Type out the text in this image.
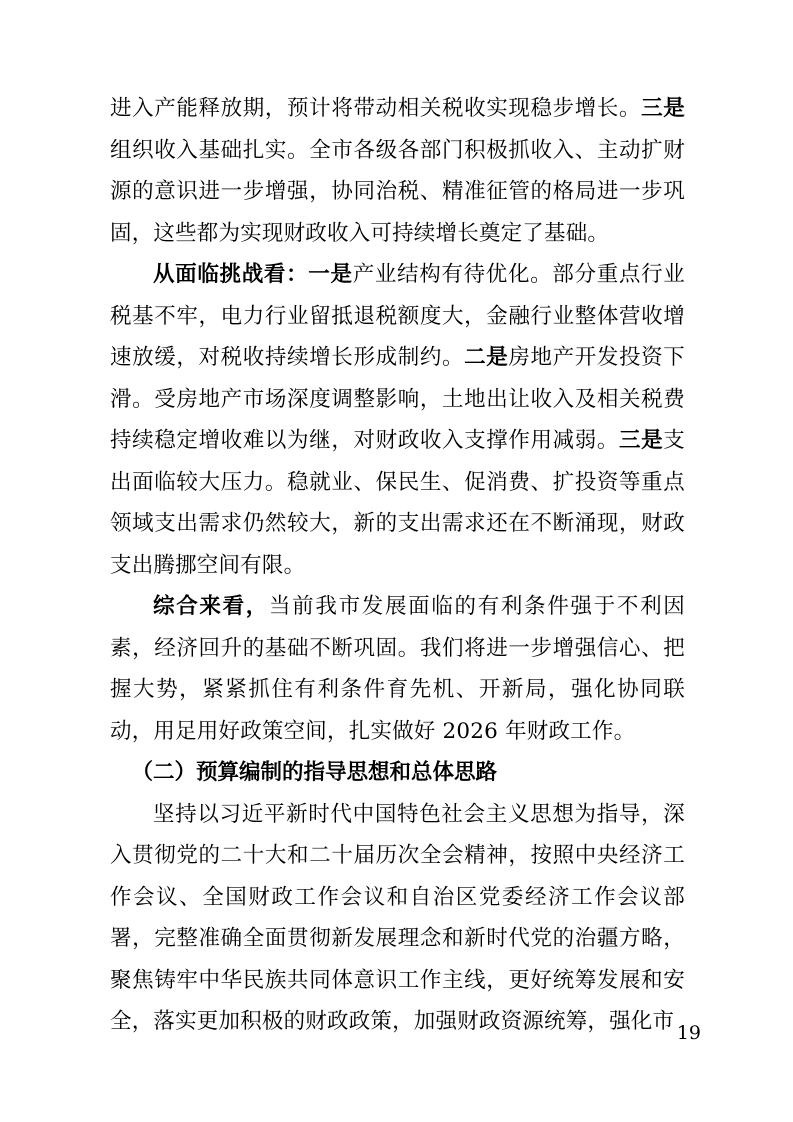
进入产能释放期，预计将带动相关税收实现稳步增长。三是组织收入基础扎实。全市各级各部门积极抓收入、主动扩财源的意识进一步增强，协同治税、精准征管的格局进一步巩固，这些都为实现财政收入可持续增长奠定了基础。

从面临挑战看：一是产业结构有待优化。部分重点行业税基不牢，电力行业留抵退税额度大，金融行业整体营收增速放缓，对税收持续增长形成制约。二是房地产开发投资下滑。受房地产市场深度调整影响，土地出让收入及相关税费持续稳定增收难以为继，对财政收入支撑作用减弱。三是支出面临较大压力。稳就业、保民生、促消费、扩投资等重点领域支出需求仍然较大，新的支出需求还在不断涌现，财政支出腾挪空间有限。

综合来看，当前我市发展面临的有利条件强于不利因素，经济回升的基础不断巩固。我们将进一步增强信心、把握大势，紧紧抓住有利条件育先机、开新局，强化协同联动，用足用好政策空间，扎实做好 2026 年财政工作。

（二）预算编制的指导思想和总体思路

坚持以习近平新时代中国特色社会主义思想为指导，深入贯彻党的二十大和二十届历次全会精神，按照中央经济工作会议、全国财政工作会议和自治区党委经济工作会议部署，完整准确全面贯彻新发展理念和新时代党的治疆方略，聚焦铸牢中华民族共同体意识工作主线，更好统筹发展和安全，落实更加积极的财政政策，加强财政资源统筹，强化市 19
